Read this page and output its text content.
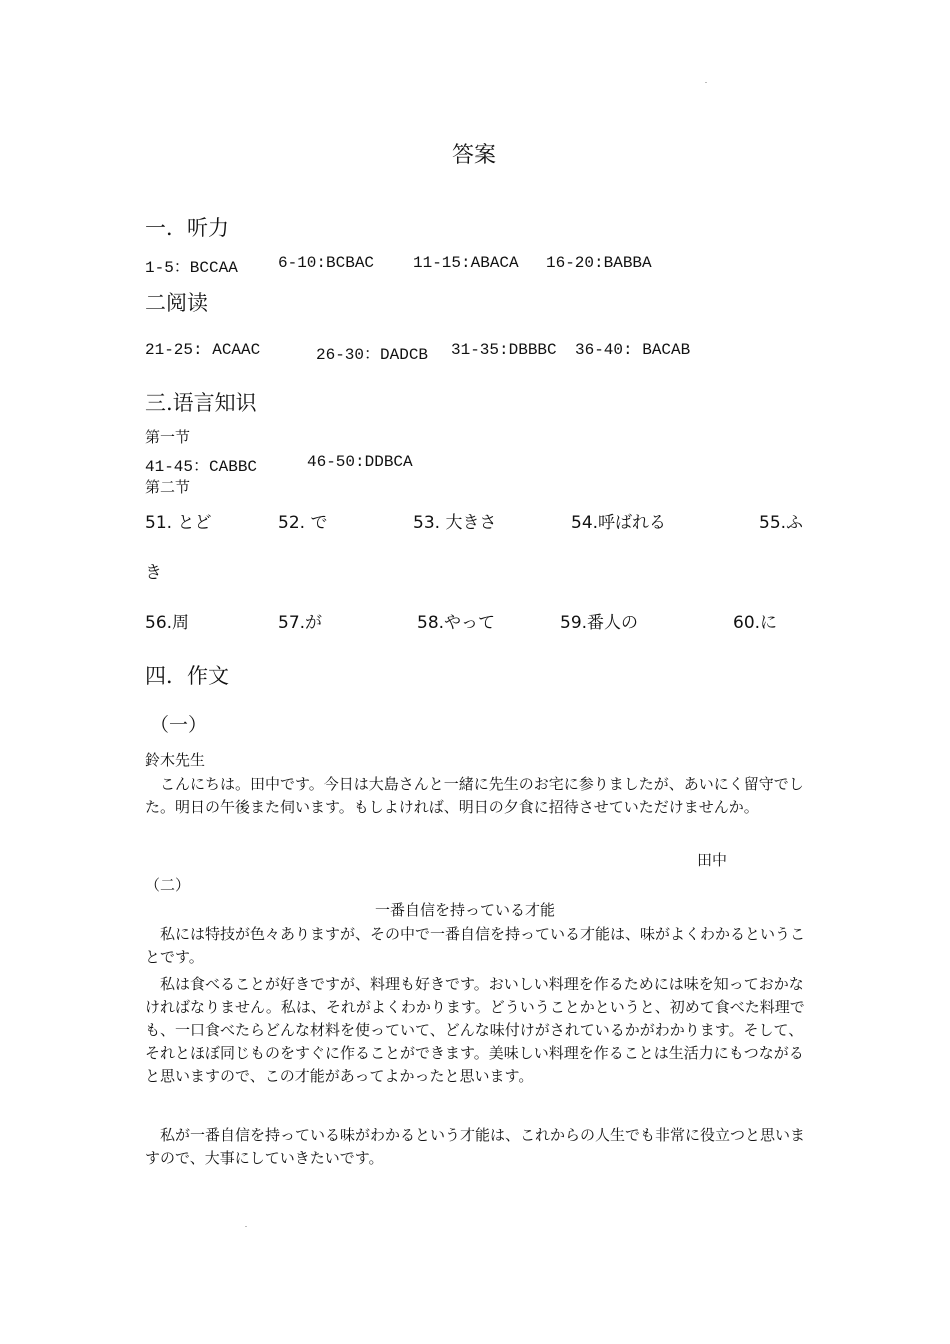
答案
一．听力
1-5：BCCAA	6-10:BCBAC 11-15:ABACA 16-20:BABBA
二阅读
21-25: ACAAC	26-30：DADCB 31-35:DBBBC 36-40: BACAB
三.语言知识
第一节
41-45：CABBC	46-50:DDBCA
第二节
51. とど	52. で	53. 大きさ	54.呼ばれる	55.ふ
き
56.周	57.が	58.やって	59.番人の	60.に
四．作文
（一）
鈴木先生
こんにちは。田中です。今日は大島さんと一緒に先生のお宅に参りましたが、あいにく留守でした。明日の午後また伺います。もしよければ、明日の夕食に招待させていただけませんか。
田中
（二）
一番自信を持っている才能
私には特技が色々ありますが、その中で一番自信を持っている才能は、味がよくわかるということです。
私は食べることが好きですが、料理も好きです。おいしい料理を作るためには味を知っておかなければなりません。私は、それがよくわかります。どういうことかというと、初めて食べた料理でも、一口食べたらどんな材料を使っていて、どんな味付けがされているかがわかります。そして、それとほぼ同じものをすぐに作ることができます。美味しい料理を作ることは生活力にもつながると思いますので、この才能があってよかったと思います。
私が一番自信を持っている味がわかるという才能は、これからの人生でも非常に役立つと思いますので、大事にしていきたいです。
